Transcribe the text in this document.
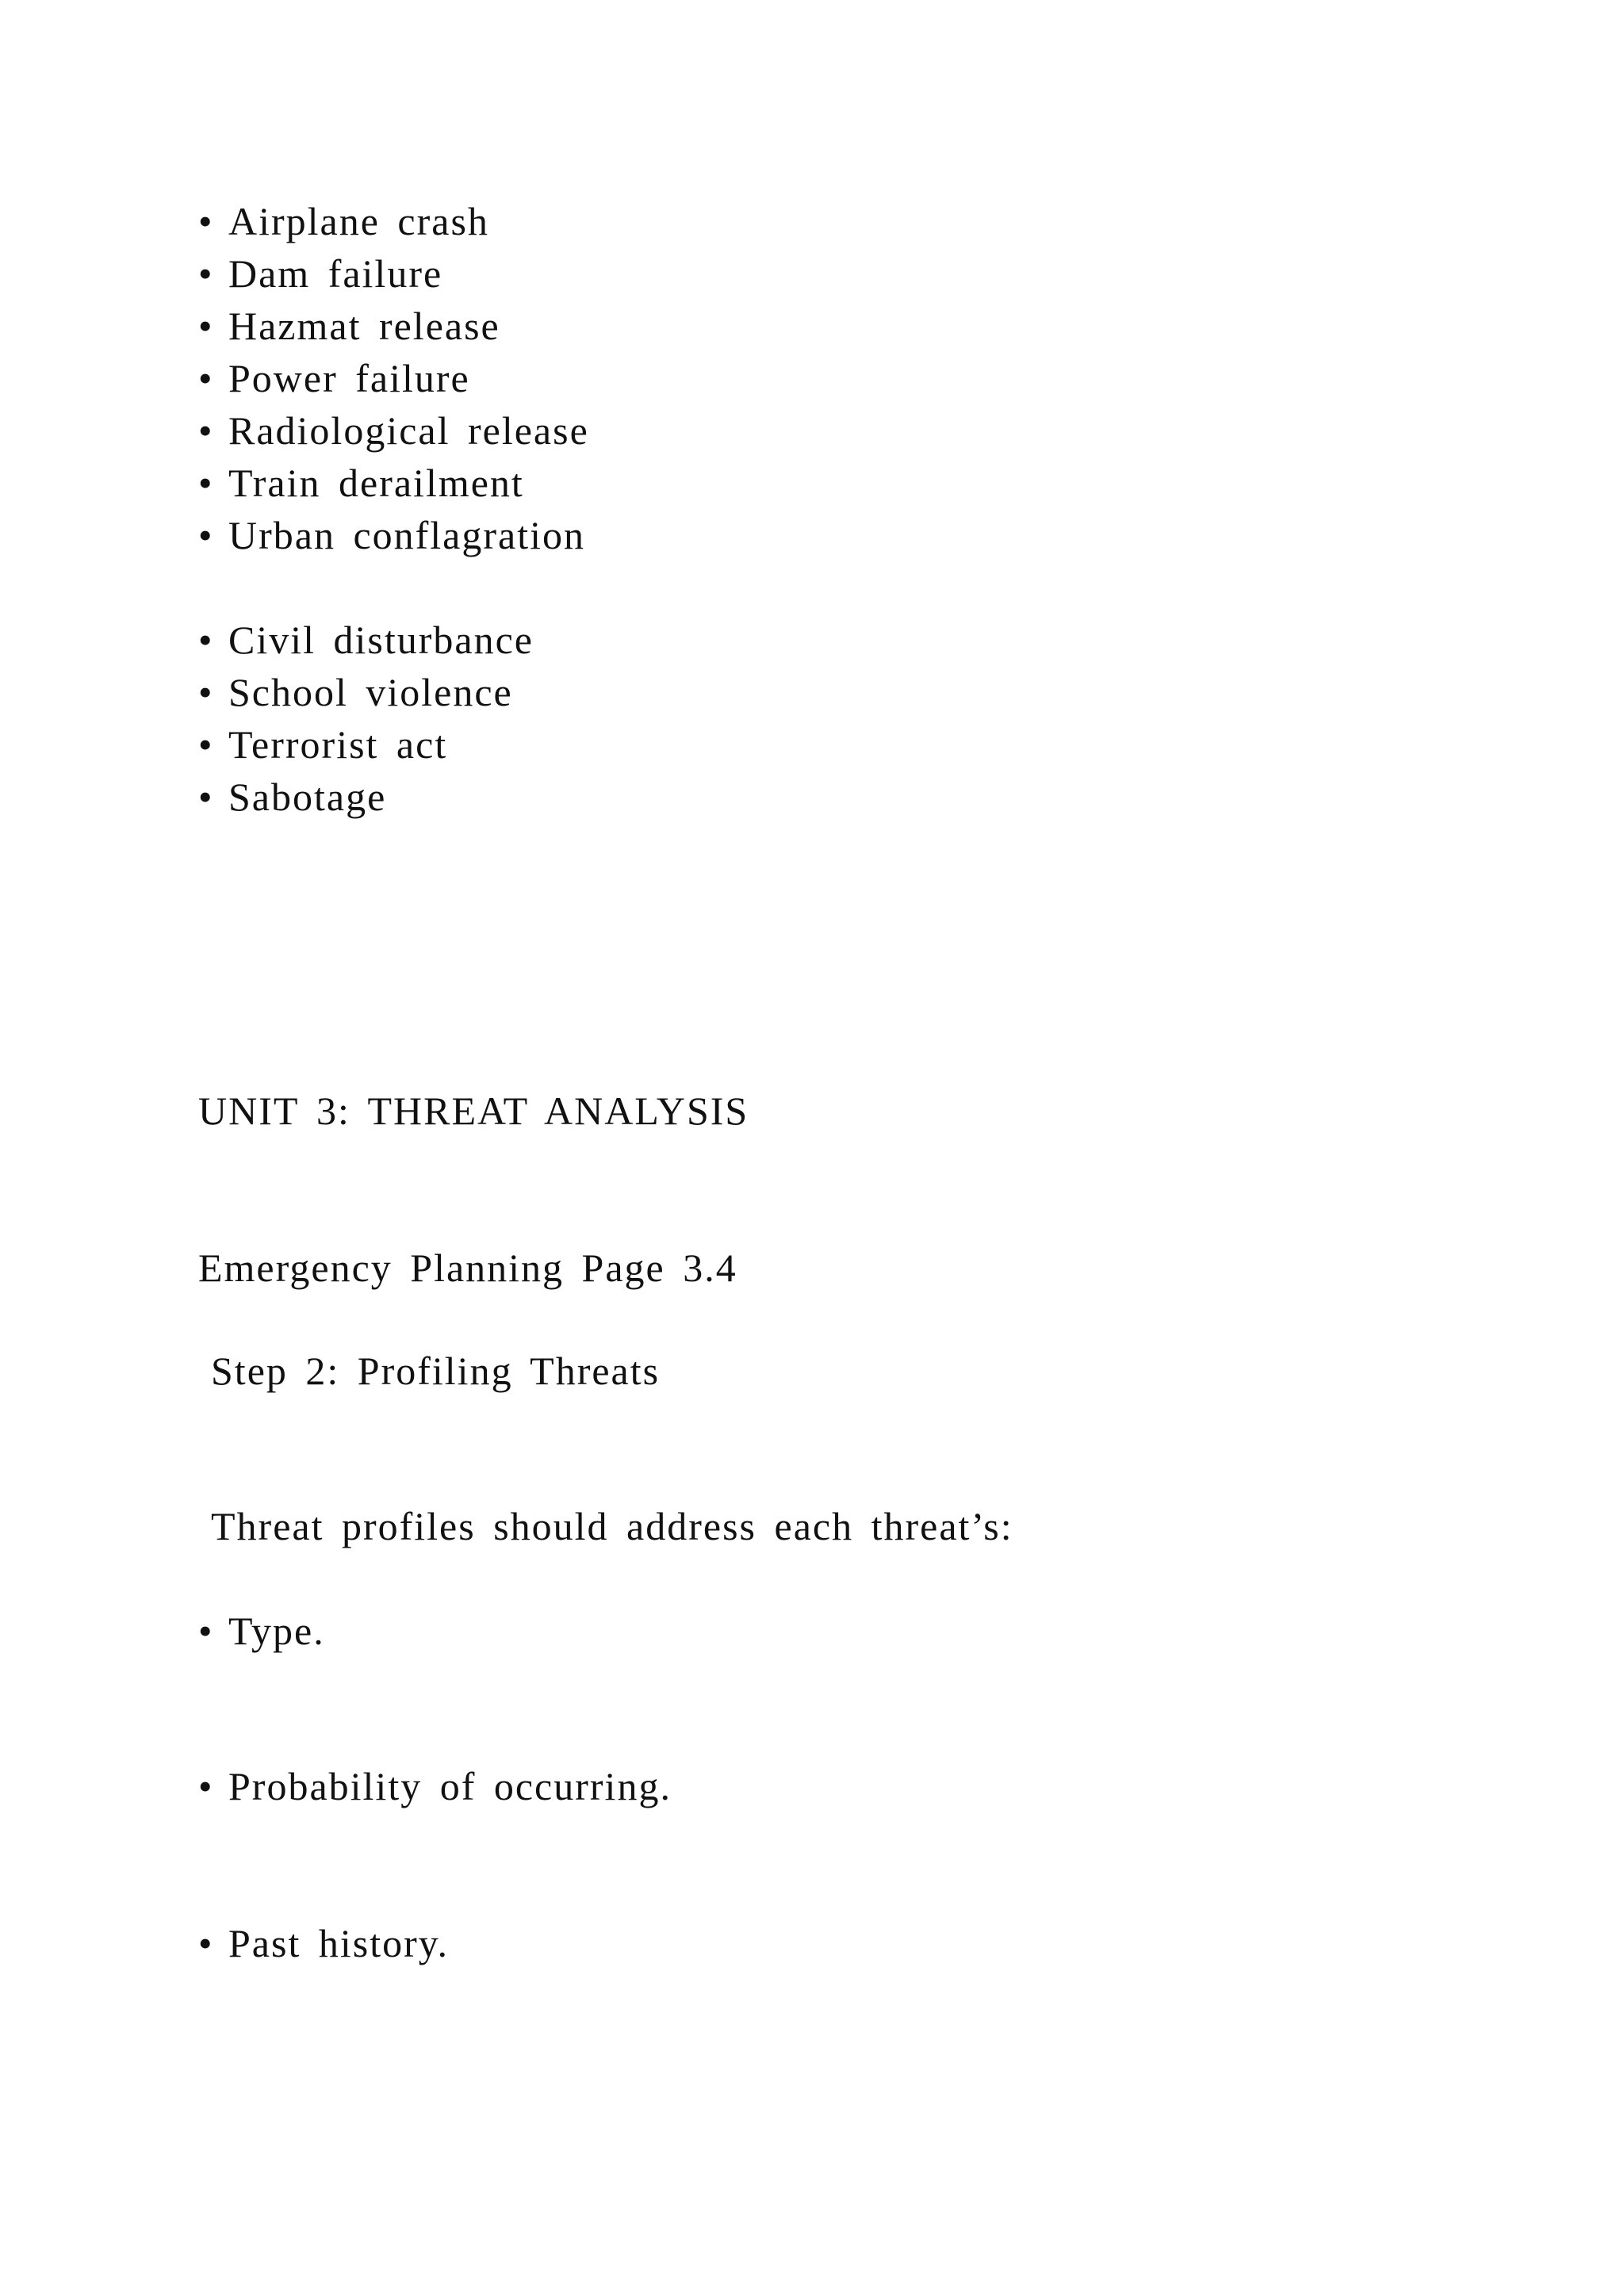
• Airplane crash
• Dam failure
• Hazmat release
• Power failure
• Radiological release
• Train derailment
• Urban conflagration
• Civil disturbance
• School violence
• Terrorist act
• Sabotage
UNIT 3: THREAT ANALYSIS
Emergency Planning Page 3.4
Step 2: Profiling Threats
Threat profiles should address each threat’s:
• Type.
• Probability of occurring.
• Past history.
